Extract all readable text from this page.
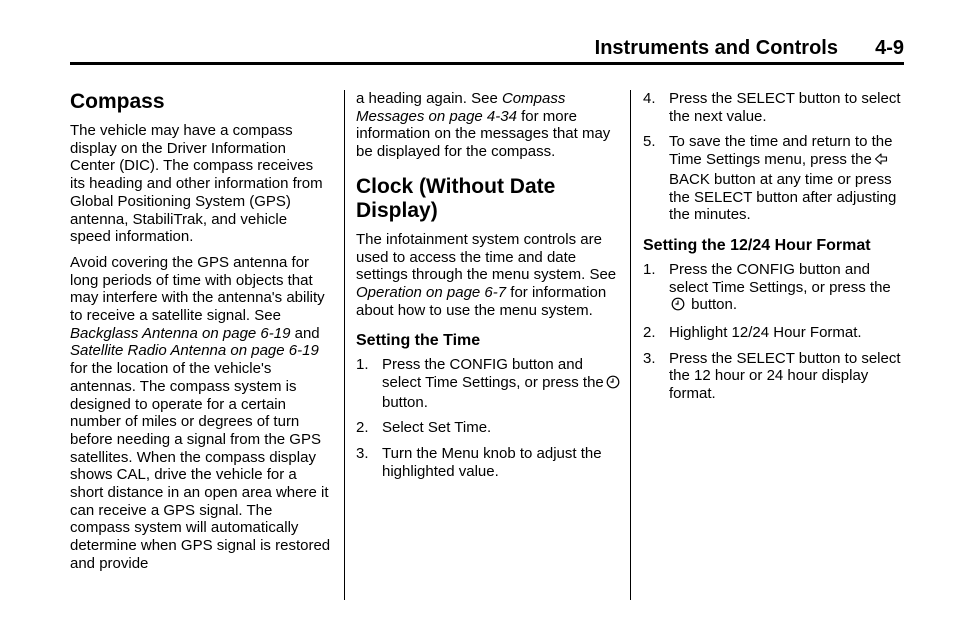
Instruments and Controls 4-9
Compass

The vehicle may have a compass display on the Driver Information Center (DIC). The compass receives its heading and other information from Global Positioning System (GPS) antenna, StabiliTrak, and vehicle speed information.

Avoid covering the GPS antenna for long periods of time with objects that may interfere with the antenna's ability to receive a satellite signal. See Backglass Antenna on page 6-19 and Satellite Radio Antenna on page 6-19 for the location of the vehicle's antennas. The compass system is designed to operate for a certain number of miles or degrees of turn before needing a signal from the GPS satellites. When the compass display shows CAL, drive the vehicle for a short distance in an open area where it can receive a GPS signal. The compass system will automatically determine when GPS signal is restored and provide

a heading again. See Compass Messages on page 4-34 for more information on the messages that may be displayed for the compass.

Clock (Without Date Display)

The infotainment system controls are used to access the time and date settings through the menu system. See Operation on page 6-7 for information about how to use the menu system.

Setting the Time
1. Press the CONFIG button and select Time Settings, or press the button.
2. Select Set Time.
3. Turn the Menu knob to adjust the highlighted value.
4. Press the SELECT button to select the next value.
5. To save the time and return to the Time Settings menu, press the BACK button at any time or press the SELECT button after adjusting the minutes.
Setting the 12/24 Hour Format
1. Press the CONFIG button and select Time Settings, or press the button.
2. Highlight 12/24 Hour Format.
3. Press the SELECT button to select the 12 hour or 24 hour display format.
